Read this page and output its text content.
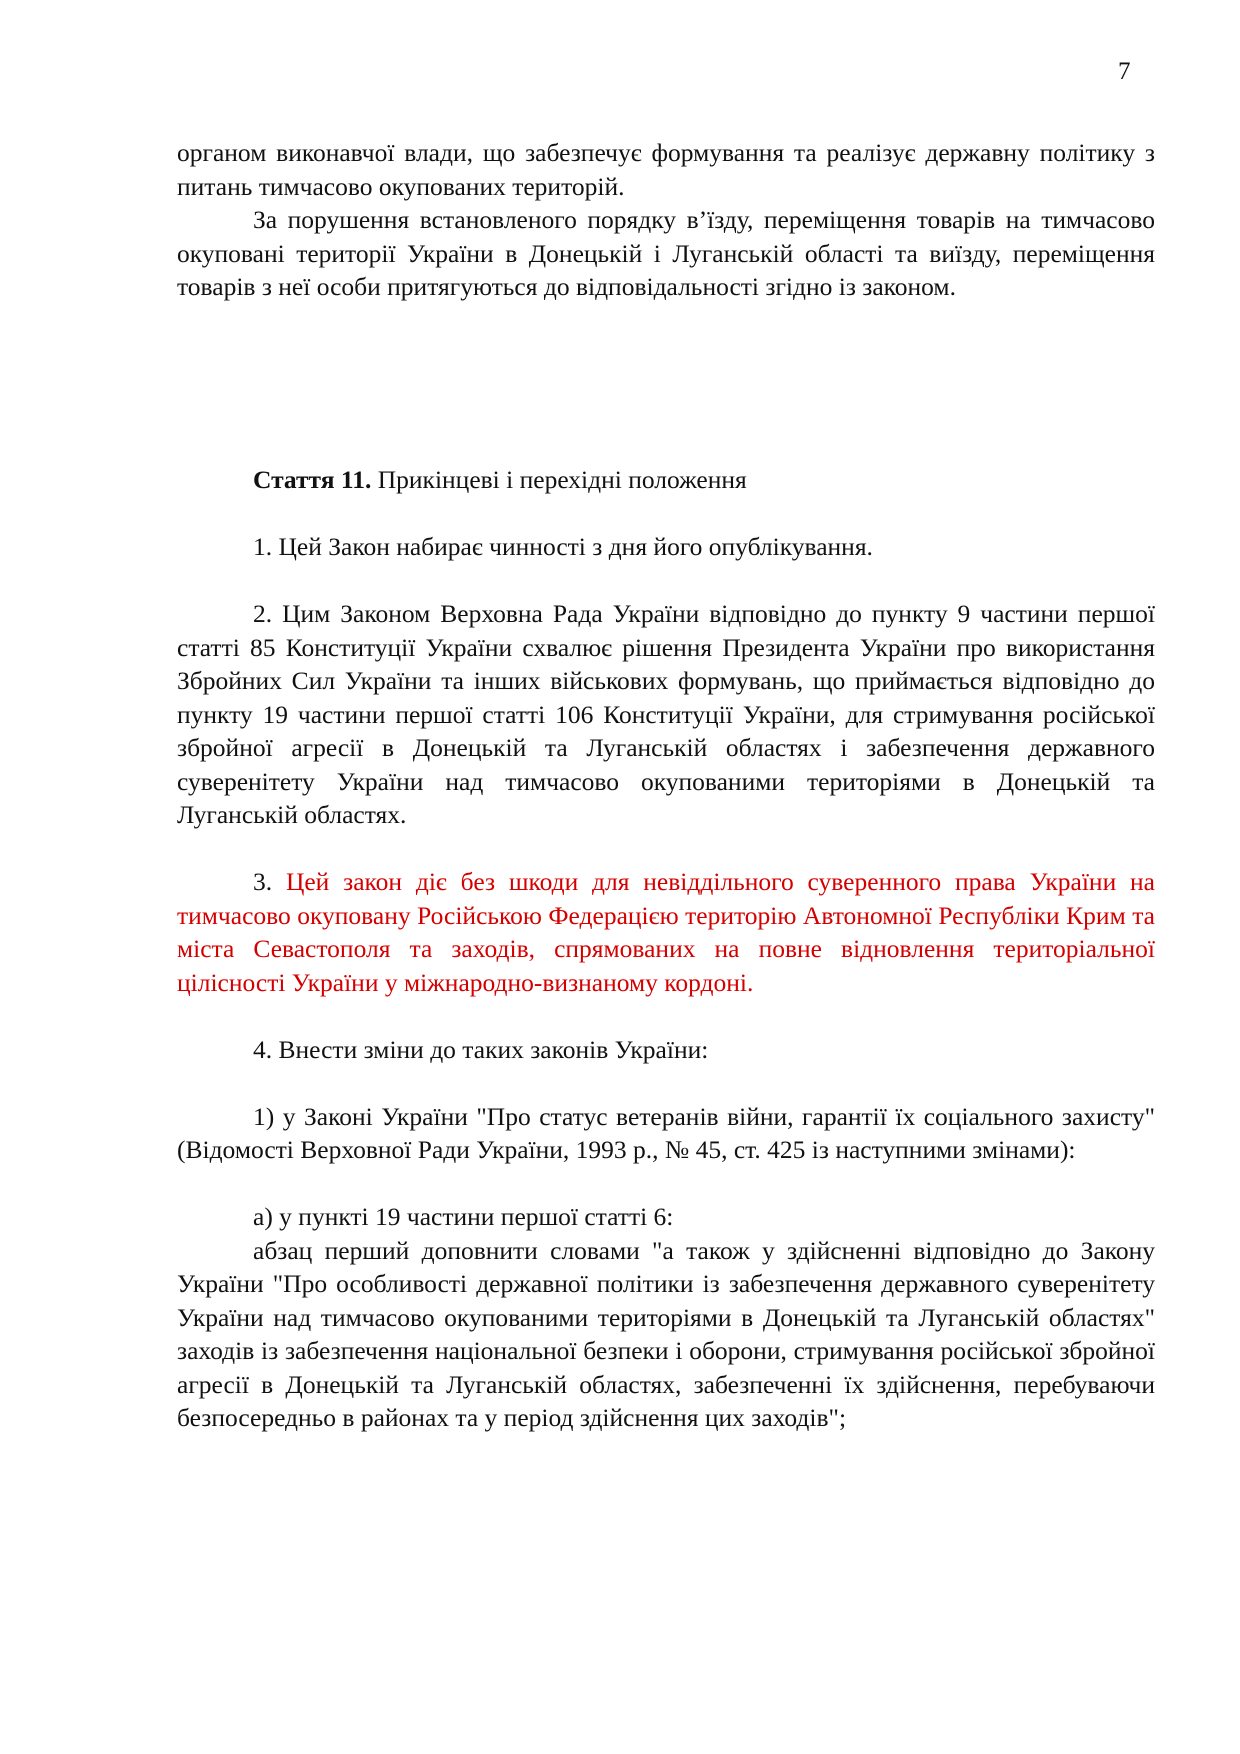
7

органом виконавчої влади, що забезпечує формування та реалізує державну політику з питань тимчасово окупованих територій.

За порушення встановленого порядку в’їзду, переміщення товарів на тимчасово окуповані території України в Донецькій і Луганській області та виїзду, переміщення товарів з неї особи притягуються до відповідальності згідно із законом.

Стаття 11. Прикінцеві і перехідні положення

1. Цей Закон набирає чинності з дня його опублікування.

2. Цим Законом Верховна Рада України відповідно до пункту 9 частини першої статті 85 Конституції України схвалює рішення Президента України про використання Збройних Сил України та інших військових формувань, що приймається відповідно до пункту 19 частини першої статті 106 Конституції України, для стримування російської збройної агресії в Донецькій та Луганській областях і забезпечення державного суверенітету України над тимчасово окупованими територіями в Донецькій та Луганській областях.

3. Цей закон діє без шкоди для невіддільного суверенного права України на тимчасово окуповану Російською Федерацією територію Автономної Республіки Крим та міста Севастополя та заходів, спрямованих на повне відновлення територіальної цілісності України у міжнародно-визнаному кордоні.

4. Внести зміни до таких законів України:

1) у Законі України "Про статус ветеранів війни, гарантії їх соціального захисту" (Відомості Верховної Ради України, 1993 р., № 45, ст. 425 із наступними змінами):

а) у пункті 19 частини першої статті 6:

абзац перший доповнити словами "а також у здійсненні відповідно до Закону України "Про особливості державної політики із забезпечення державного суверенітету України над тимчасово окупованими територіями в Донецькій та Луганській областях" заходів із забезпечення національної безпеки і оборони, стримування російської збройної агресії в Донецькій та Луганській областях, забезпеченні їх здійснення, перебуваючи безпосередньо в районах та у період здійснення цих заходів";
